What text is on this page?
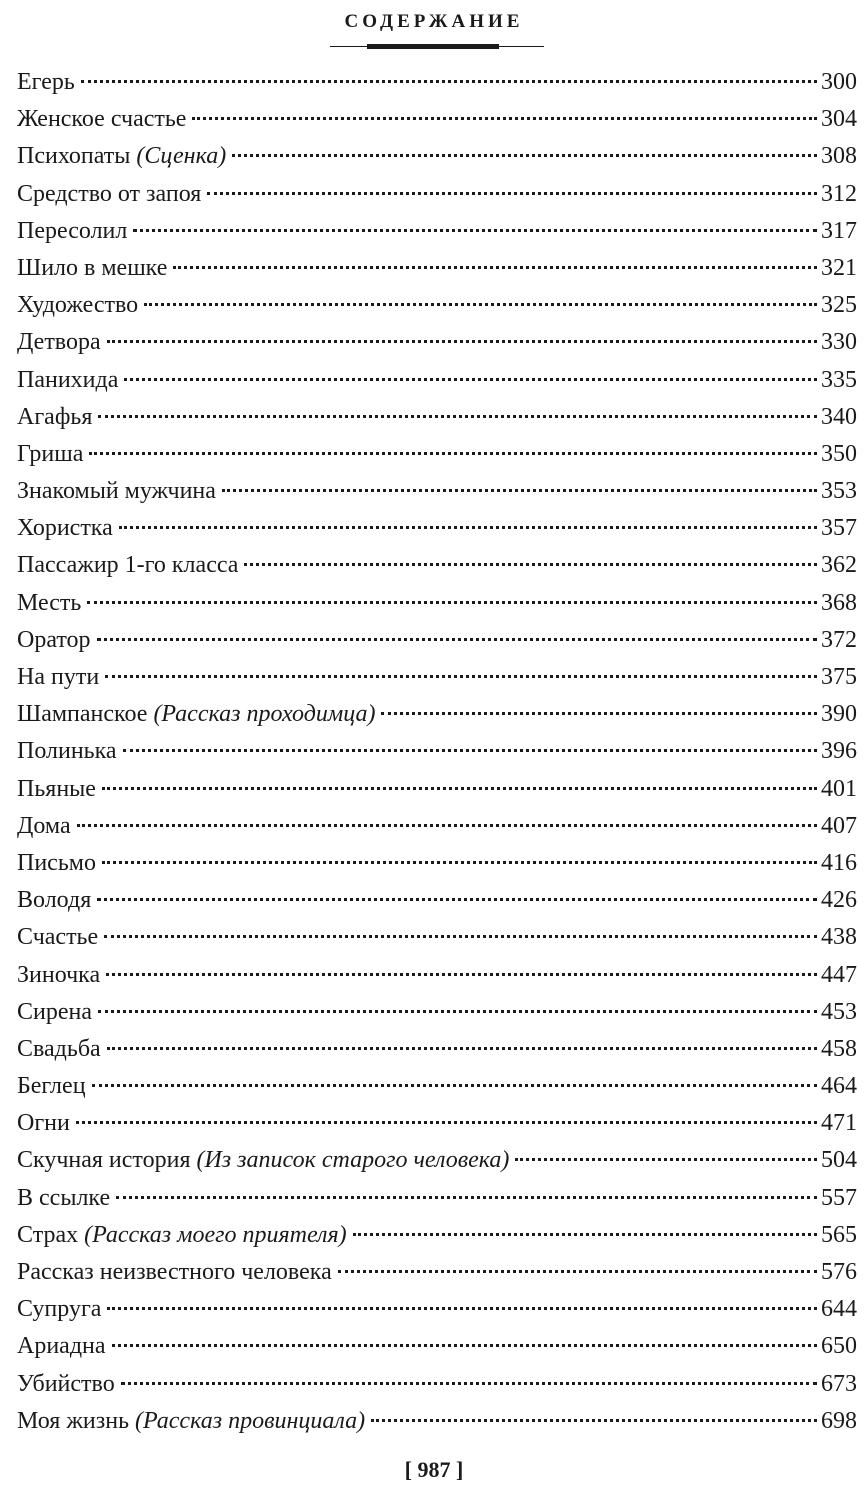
СОДЕРЖАНИЕ
Егерь	300
Женское счастье	304
Психопаты (Сценка)	308
Средство от запоя	312
Пересолил	317
Шило в мешке	321
Художество	325
Детвора	330
Панихида	335
Агафья	340
Гриша	350
Знакомый мужчина	353
Хористка	357
Пассажир 1-го класса	362
Месть	368
Оратор	372
На пути	375
Шампанское (Рассказ проходимца)	390
Полинька	396
Пьяные	401
Дома	407
Письмо	416
Володя	426
Счастье	438
Зиночка	447
Сирена	453
Свадьба	458
Беглец	464
Огни	471
Скучная история (Из записок старого человека)	504
В ссылке	557
Страх (Рассказ моего приятеля)	565
Рассказ неизвестного человека	576
Супруга	644
Ариадна	650
Убийство	673
Моя жизнь (Рассказ провинциала)	698
[ 987 ]
